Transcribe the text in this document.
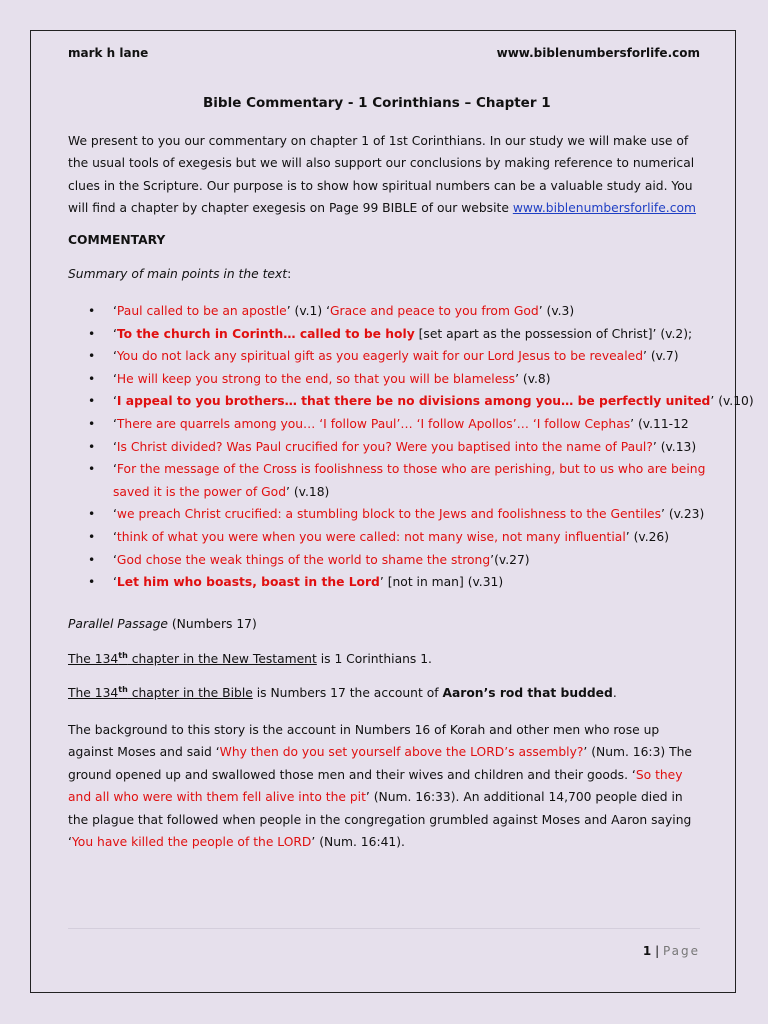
mark h lane	www.biblenumbersforlife.com
Bible Commentary - 1 Corinthians – Chapter 1
We present to you our commentary on chapter 1 of 1st Corinthians. In our study we will make use of
the usual tools of exegesis but we will also support our conclusions by making reference to numerical
clues in the Scripture. Our purpose is to show how spiritual numbers can be a valuable study aid. You
will find a chapter by chapter exegesis on Page 99 BIBLE of our website www.biblenumbersforlife.com
COMMENTARY
Summary of main points in the text:
• ‘Paul called to be an apostle’ (v.1) ‘Grace and peace to you from God’ (v.3)
• ‘To the church in Corinth… called to be holy [set apart as the possession of Christ]’ (v.2);
• ‘You do not lack any spiritual gift as you eagerly wait for our Lord Jesus to be revealed’ (v.7)
• ‘He will keep you strong to the end, so that you will be blameless’ (v.8)
• ‘I appeal to you brothers… that there be no divisions among you… be perfectly united’ (v.10)
• ‘There are quarrels among you… ‘I follow Paul’… ‘I follow Apollos’… ‘I follow Cephas’ (v.11-12
• ‘Is Christ divided? Was Paul crucified for you? Were you baptised into the name of Paul?’ (v.13)
• ‘For the message of the Cross is foolishness to those who are perishing, but to us who are being
saved it is the power of God’ (v.18)
• ‘we preach Christ crucified: a stumbling block to the Jews and foolishness to the Gentiles’ (v.23)
• ‘think of what you were when you were called: not many wise, not many influential’ (v.26)
• ‘God chose the weak things of the world to shame the strong’(v.27)
• ‘Let him who boasts, boast in the Lord’ [not in man] (v.31)
Parallel Passage (Numbers 17)
The 134th chapter in the New Testament is 1 Corinthians 1.
The 134th chapter in the Bible is Numbers 17 the account of Aaron’s rod that budded.
The background to this story is the account in Numbers 16 of Korah and other men who rose up
against Moses and said ‘Why then do you set yourself above the LORD’s assembly?’ (Num. 16:3) The
ground opened up and swallowed those men and their wives and children and their goods. ‘So they
and all who were with them fell alive into the pit’ (Num. 16:33). An additional 14,700 people died in
the plague that followed when people in the congregation grumbled against Moses and Aaron saying
‘You have killed the people of the LORD’ (Num. 16:41).
1 | Page
